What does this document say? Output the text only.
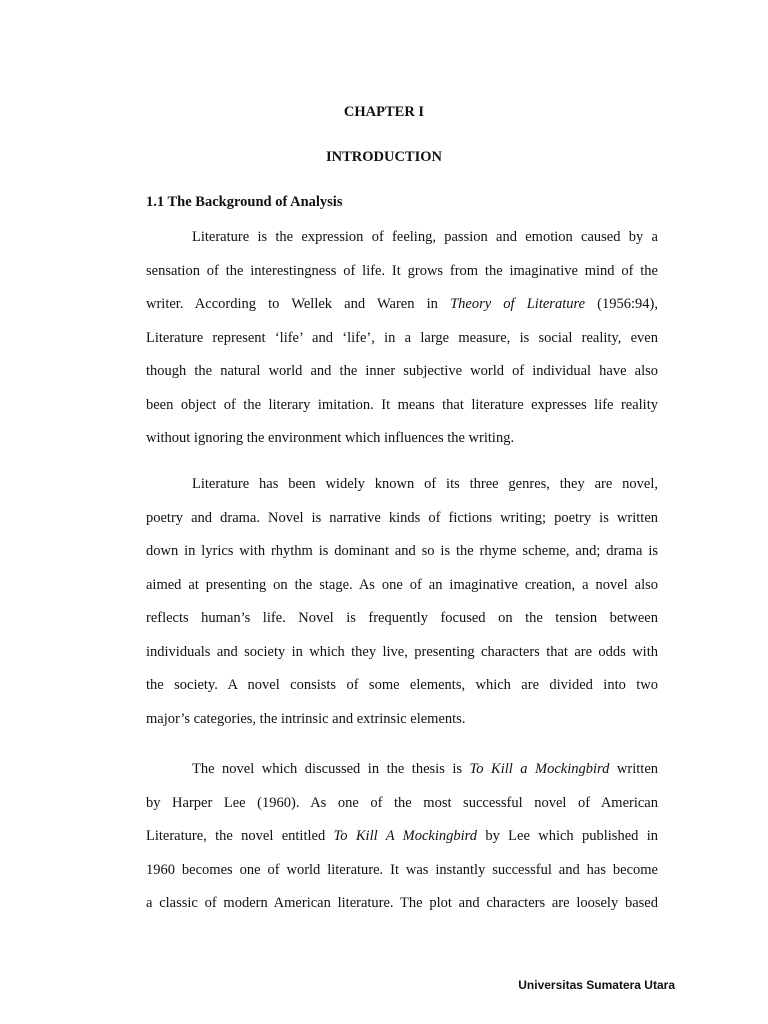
CHAPTER I

INTRODUCTION

1.1 The Background of Analysis

Literature is the expression of feeling, passion and emotion caused by a
sensation of the interestingness of life. It grows from the imaginative mind of the
writer. According to Wellek and Waren in Theory of Literature (1956:94),
Literature represent ‘life’ and ‘life’, in a large measure, is social reality, even
though the natural world and the inner subjective world of individual have also
been object of the literary imitation. It means that literature expresses life reality
without ignoring the environment which influences the writing.
Literature has been widely known of its three genres, they are novel,
poetry and drama. Novel is narrative kinds of fictions writing; poetry is written
down in lyrics with rhythm is dominant and so is the rhyme scheme, and; drama is
aimed at presenting on the stage. As one of an imaginative creation, a novel also
reflects human’s life. Novel is frequently focused on the tension between
individuals and society in which they live, presenting characters that are odds with
the society. A novel consists of some elements, which are divided into two
major’s categories, the intrinsic and extrinsic elements.
The novel which discussed in the thesis is To Kill a Mockingbird written
by Harper Lee (1960). As one of the most successful novel of American
Literature, the novel entitled To Kill A Mockingbird by Lee which published in
1960 becomes one of world literature. It was instantly successful and has become
a classic of modern American literature. The plot and characters are loosely based

Universitas Sumatera Utara
